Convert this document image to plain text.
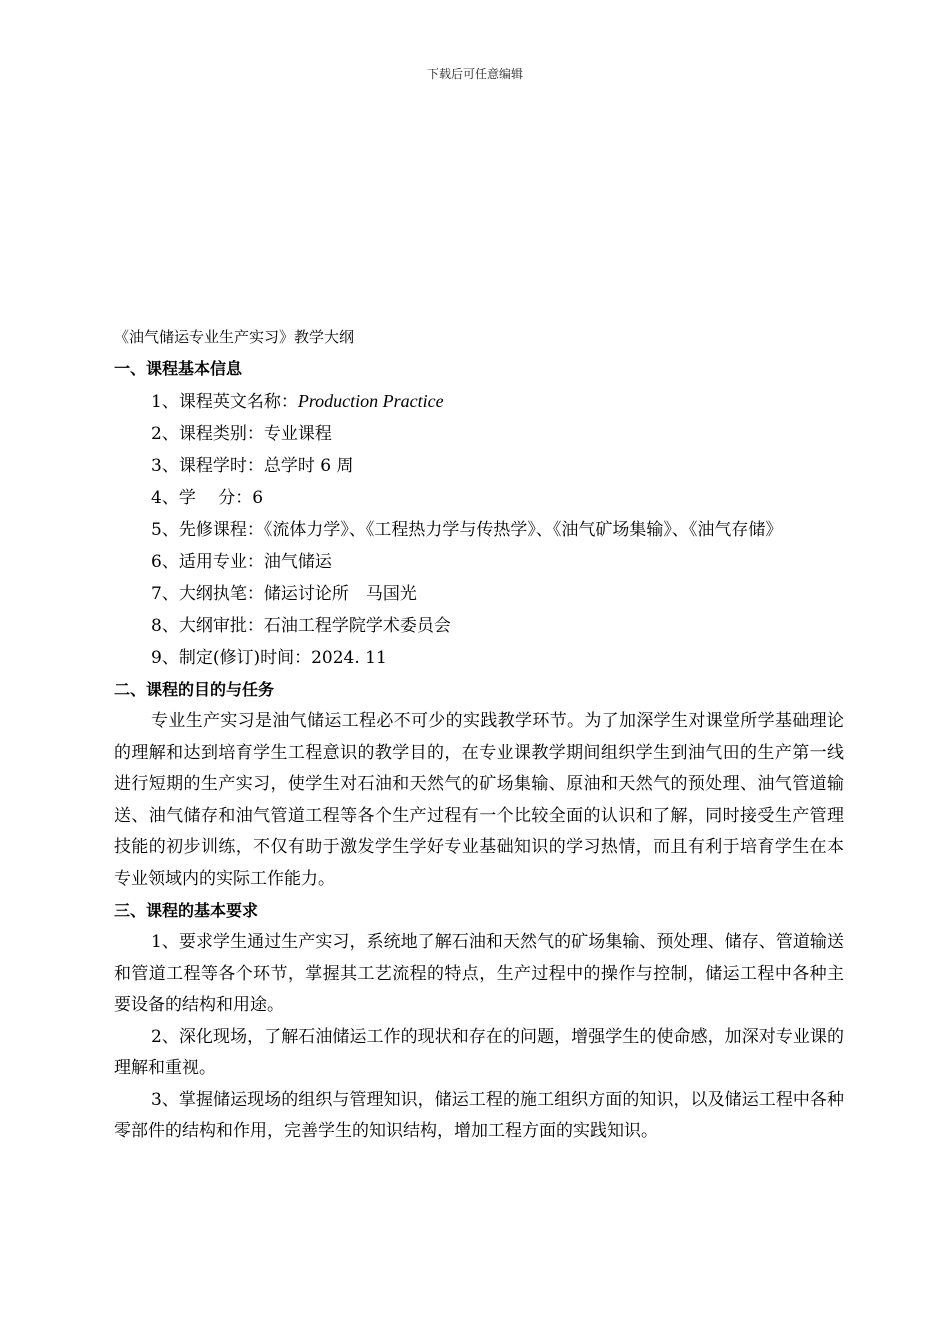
下载后可任意编辑
《油气储运专业生产实习》教学大纲
一、课程基本信息
1、课程英文名称：Production Practice
2、课程类别：专业课程
3、课程学时：总学时 6 周
4、学　 分：6
5、先修课程：《流体力学》、《工程热力学与传热学》、《油气矿场集输》、《油气存储》
6、适用专业：油气储运
7、大纲执笔：储运讨论所　马国光
8、大纲审批：石油工程学院学术委员会
9、制定(修订)时间：2024. 11
二、课程的目的与任务

专业生产实习是油气储运工程必不可少的实践教学环节。为了加深学生对课堂所学基础理论的理解和达到培育学生工程意识的教学目的，在专业课教学期间组织学生到油气田的生产第一线进行短期的生产实习，使学生对石油和天然气的矿场集输、原油和天然气的预处理、油气管道输送、油气储存和油气管道工程等各个生产过程有一个比较全面的认识和了解，同时接受生产管理技能的初步训练，不仅有助于激发学生学好专业基础知识的学习热情，而且有利于培育学生在本专业领域内的实际工作能力。

三、课程的基本要求

1、要求学生通过生产实习，系统地了解石油和天然气的矿场集输、预处理、储存、管道输送和管道工程等各个环节，掌握其工艺流程的特点，生产过程中的操作与控制，储运工程中各种主要设备的结构和用途。

2、深化现场，了解石油储运工作的现状和存在的问题，增强学生的使命感，加深对专业课的理解和重视。

3、掌握储运现场的组织与管理知识，储运工程的施工组织方面的知识，以及储运工程中各种零部件的结构和作用，完善学生的知识结构，增加工程方面的实践知识。
